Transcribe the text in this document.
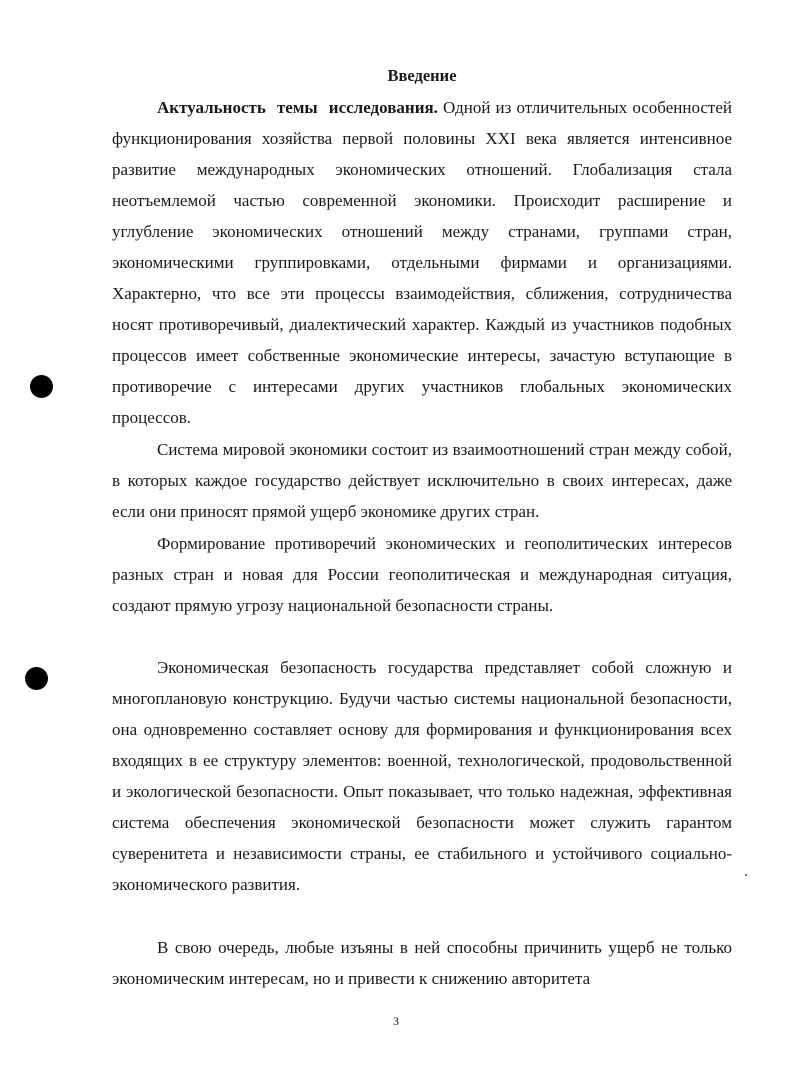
Введение

Актуальность темы исследования. Одной из отличительных особенностей функционирования хозяйства первой половины XXI века является интенсивное развитие международных экономических отношений. Глобализация стала неотъемлемой частью современной экономики. Происходит расширение и углубление экономических отношений между странами, группами стран, экономическими группировками, отдельными фирмами и организациями. Характерно, что все эти процессы взаимодействия, сближения, сотрудничества носят противоречивый, диалектический характер. Каждый из участников подобных процессов имеет собственные экономические интересы, зачастую вступающие в противоречие с интересами других участников глобальных экономических процессов.

Система мировой экономики состоит из взаимоотношений стран между собой, в которых каждое государство действует исключительно в своих интересах, даже если они приносят прямой ущерб экономике других стран.

Формирование противоречий экономических и геополитических интересов разных стран и новая для России геополитическая и международная ситуация, создают прямую угрозу национальной безопасности страны.

Экономическая безопасность государства представляет собой сложную и многоплановую конструкцию. Будучи частью системы национальной безопасности, она одновременно составляет основу для формирования и функционирования всех входящих в ее структуру элементов: военной, технологической, продовольственной и экологической безопасности. Опыт показывает, что только надежная, эффективная система обеспечения экономической безопасности может служить гарантом суверенитета и независимости страны, ее стабильного и устойчивого социально-экономического развития.

В свою очередь, любые изъяны в ней способны причинить ущерб не только экономическим интересам, но и привести к снижению авторитета

3
